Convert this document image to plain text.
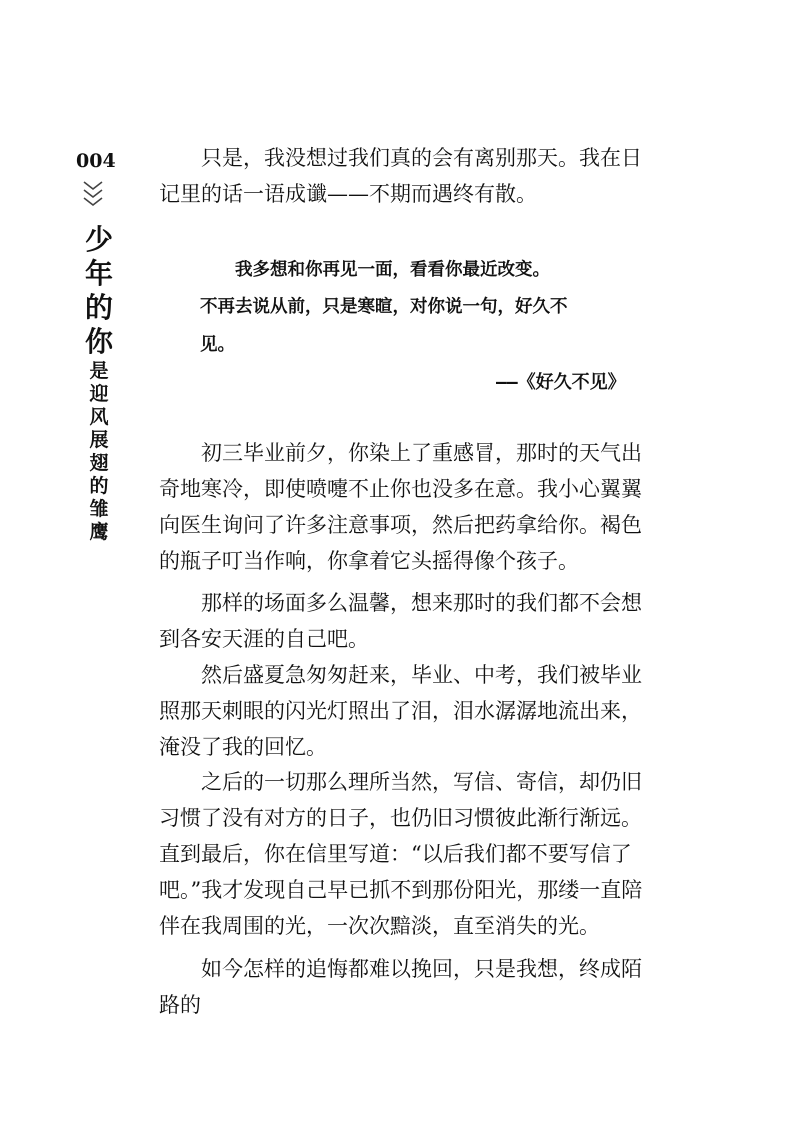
004
少
年
的
你
是
迎
风
展
翅
的
雏
鹰

只是，我没想过我们真的会有离别那天。我在日记里的话一语成谶——不期而遇终有散。

我多想和你再见一面，看看你最近改变。
不再去说从前，只是寒暄，对你说一句，好久不
见。
——《好久不见》

初三毕业前夕，你染上了重感冒，那时的天气出奇地寒冷，即使喷嚏不止你也没多在意。我小心翼翼向医生询问了许多注意事项，然后把药拿给你。褐色的瓶子叮当作响，你拿着它头摇得像个孩子。

那样的场面多么温馨，想来那时的我们都不会想到各安天涯的自己吧。

然后盛夏急匆匆赶来，毕业、中考，我们被毕业照那天刺眼的闪光灯照出了泪，泪水潺潺地流出来，淹没了我的回忆。

之后的一切那么理所当然，写信、寄信，却仍旧习惯了没有对方的日子，也仍旧习惯彼此渐行渐远。直到最后，你在信里写道：“以后我们都不要写信了吧。”我才发现自己早已抓不到那份阳光，那缕一直陪伴在我周围的光，一次次黯淡，直至消失的光。

如今怎样的追悔都难以挽回，只是我想，终成陌路的
